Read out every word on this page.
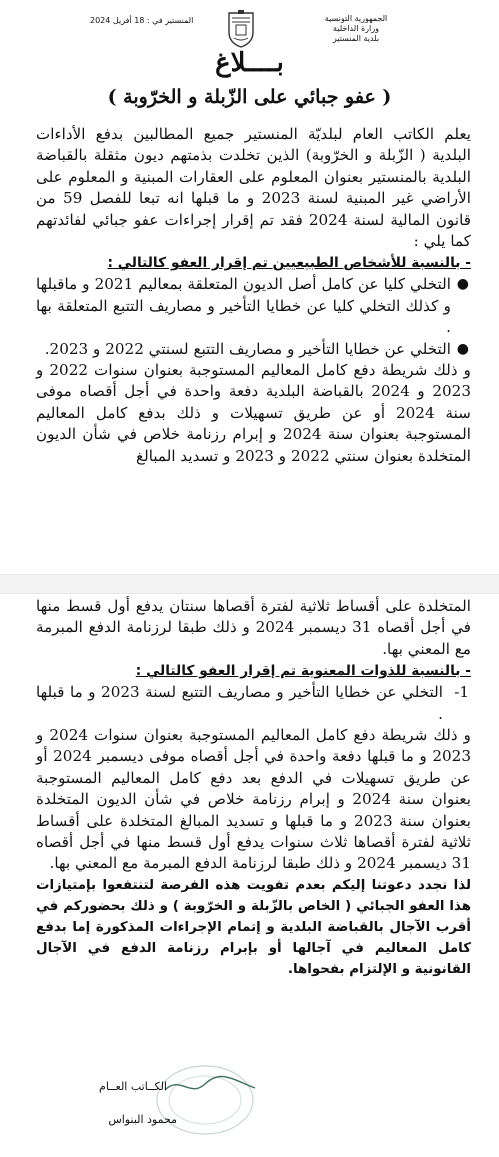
الجمهورية التونسية
وزارة الداخلية
بلدية المنستير
المنستير في : 18 أفريل 2024
بــــلاغ
( عفو جبائي على الزّبلة و الخرّوبة )

يعلم الكاتب العام لبلديّة المنستير جميع المطالبين بدفع الأداءات البلدية ( الزّبلة و الخرّوبة) الذين تخلدت بذمتهم ديون مثقلة بالقباضة البلدية بالمنستير بعنوان المعلوم على العقارات المبنية و المعلوم على الأراضي غير المبنية لسنة 2023 و ما قبلها انه تبعا للفصل 59 من قانون المالية لسنة 2024 فقد تم إقرار إجراءات عفو جبائي لفائدتهم كما يلي :

- بالنسبة للأشخاص الطبيعيين تم إقرار العفو كالتالي :

●
التخلي كليا عن كامل أصل الديون المتعلقة بمعاليم 2021 و ماقبلها و كذلك التخلي كليا عن خطايا التأخير و مصاريف التتبع المتعلقة بها .
●
التخلي عن خطايا التأخير و مصاريف التتبع لسنتي 2022 و 2023.

و ذلك شريطة دفع كامل المعاليم المستوجبة بعنوان سنوات 2022 و 2023 و 2024 بالقباضة البلدية دفعة واحدة في أجل أقصاه موفى سنة 2024 أو عن طريق تسهيلات و ذلك بدفع كامل المعاليم المستوجبة بعنوان سنة 2024 و إبرام رزنامة خلاص في شأن الديون المتخلدة بعنوان سنتي 2022 و 2023 و تسديد المبالغ

المتخلدة على أقساط ثلاثية لفترة أقصاها سنتان يدفع أول قسط منها في أجل أقصاه 31 ديسمبر 2024 و ذلك طبقا لرزنامة الدفع المبرمة مع المعني بها.

- بالنسبة للذوات المعنوية تم إقرار العفو كالتالي :

1-
التخلي عن خطايا التأخير و مصاريف التتبع لسنة 2023 و ما قبلها .

و ذلك شريطة دفع كامل المعاليم المستوجبة بعنوان سنوات 2024 و 2023 و ما قبلها دفعة واحدة في أجل أقصاه موفى ديسمبر 2024 أو عن طريق تسهيلات في الدفع بعد دفع كامل المعاليم المستوجبة بعنوان سنة 2024 و إبرام رزنامة خلاص في شأن الديون المتخلدة بعنوان سنة 2023 و ما قبلها و تسديد المبالغ المتخلدة على أقساط ثلاثية لفترة أقصاها ثلاث سنوات يدفع أول قسط منها في أجل أقصاه 31 ديسمبر 2024 و ذلك طبقا لرزنامة الدفع المبرمة مع المعني بها.

لذا نجدد دعوتنا إليكم بعدم تفويت هذه الفرصة لتنتفعوا بإمتيازات هذا العفو الجبائي ( الخاص بالزّبلة و الخرّوبة ) و ذلك بحضوركم في أقرب الآجال بالقباضة البلدية و إتمام الإجراءات المذكورة إما بدفع كامل المعاليم في آجالها أو بإبرام رزنامة الدفع في الآجال القانونية و الإلتزام بفحواها.

الكــاتب العــام
محمود البنواس
